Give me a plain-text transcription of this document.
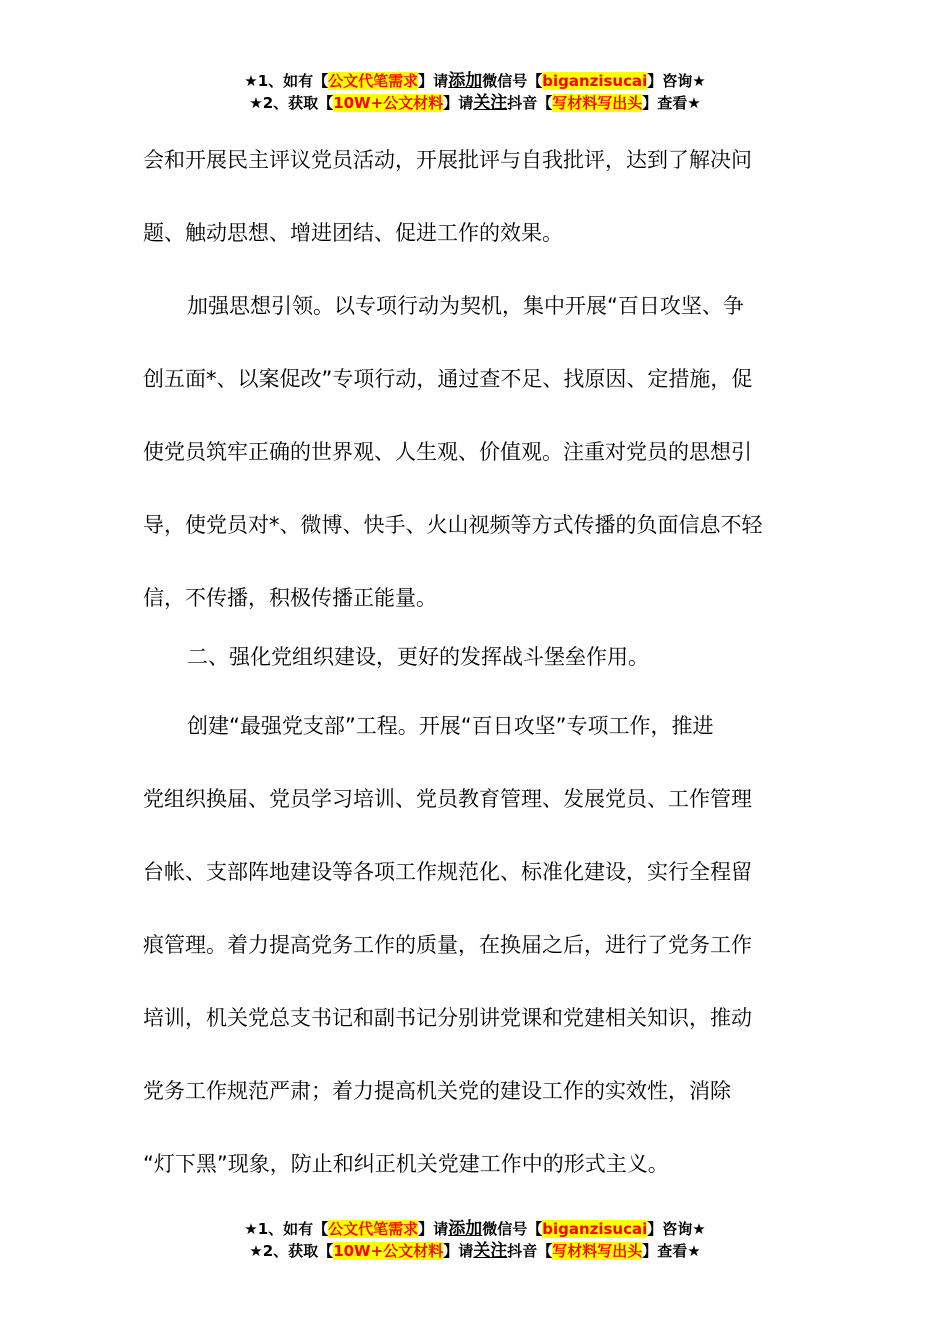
★1、如有【公文代笔需求】请添加微信号【biganzisucai】咨询★
★2、获取【10W+公文材料】请关注抖音【写材料写出头】查看★

会和开展民主评议党员活动，开展批评与自我批评，达到了解决问

题、触动思想、增进团结、促进工作的效果。

加强思想引领。以专项行动为契机，集中开展“百日攻坚、争

创五面*、以案促改”专项行动，通过查不足、找原因、定措施，促

使党员筑牢正确的世界观、人生观、价值观。注重对党员的思想引

导，使党员对*、微博、快手、火山视频等方式传播的负面信息不轻

信，不传播，积极传播正能量。

二、强化党组织建设，更好的发挥战斗堡垒作用。

创建“最强党支部”工程。开展“百日攻坚”专项工作，推进

党组织换届、党员学习培训、党员教育管理、发展党员、工作管理

台帐、支部阵地建设等各项工作规范化、标准化建设，实行全程留

痕管理。着力提高党务工作的质量，在换届之后，进行了党务工作

培训，机关党总支书记和副书记分别讲党课和党建相关知识，推动

党务工作规范严肃；着力提高机关党的建设工作的实效性，消除

“灯下黑”现象，防止和纠正机关党建工作中的形式主义。

★1、如有【公文代笔需求】请添加微信号【biganzisucai】咨询★
★2、获取【10W+公文材料】请关注抖音【写材料写出头】查看★
